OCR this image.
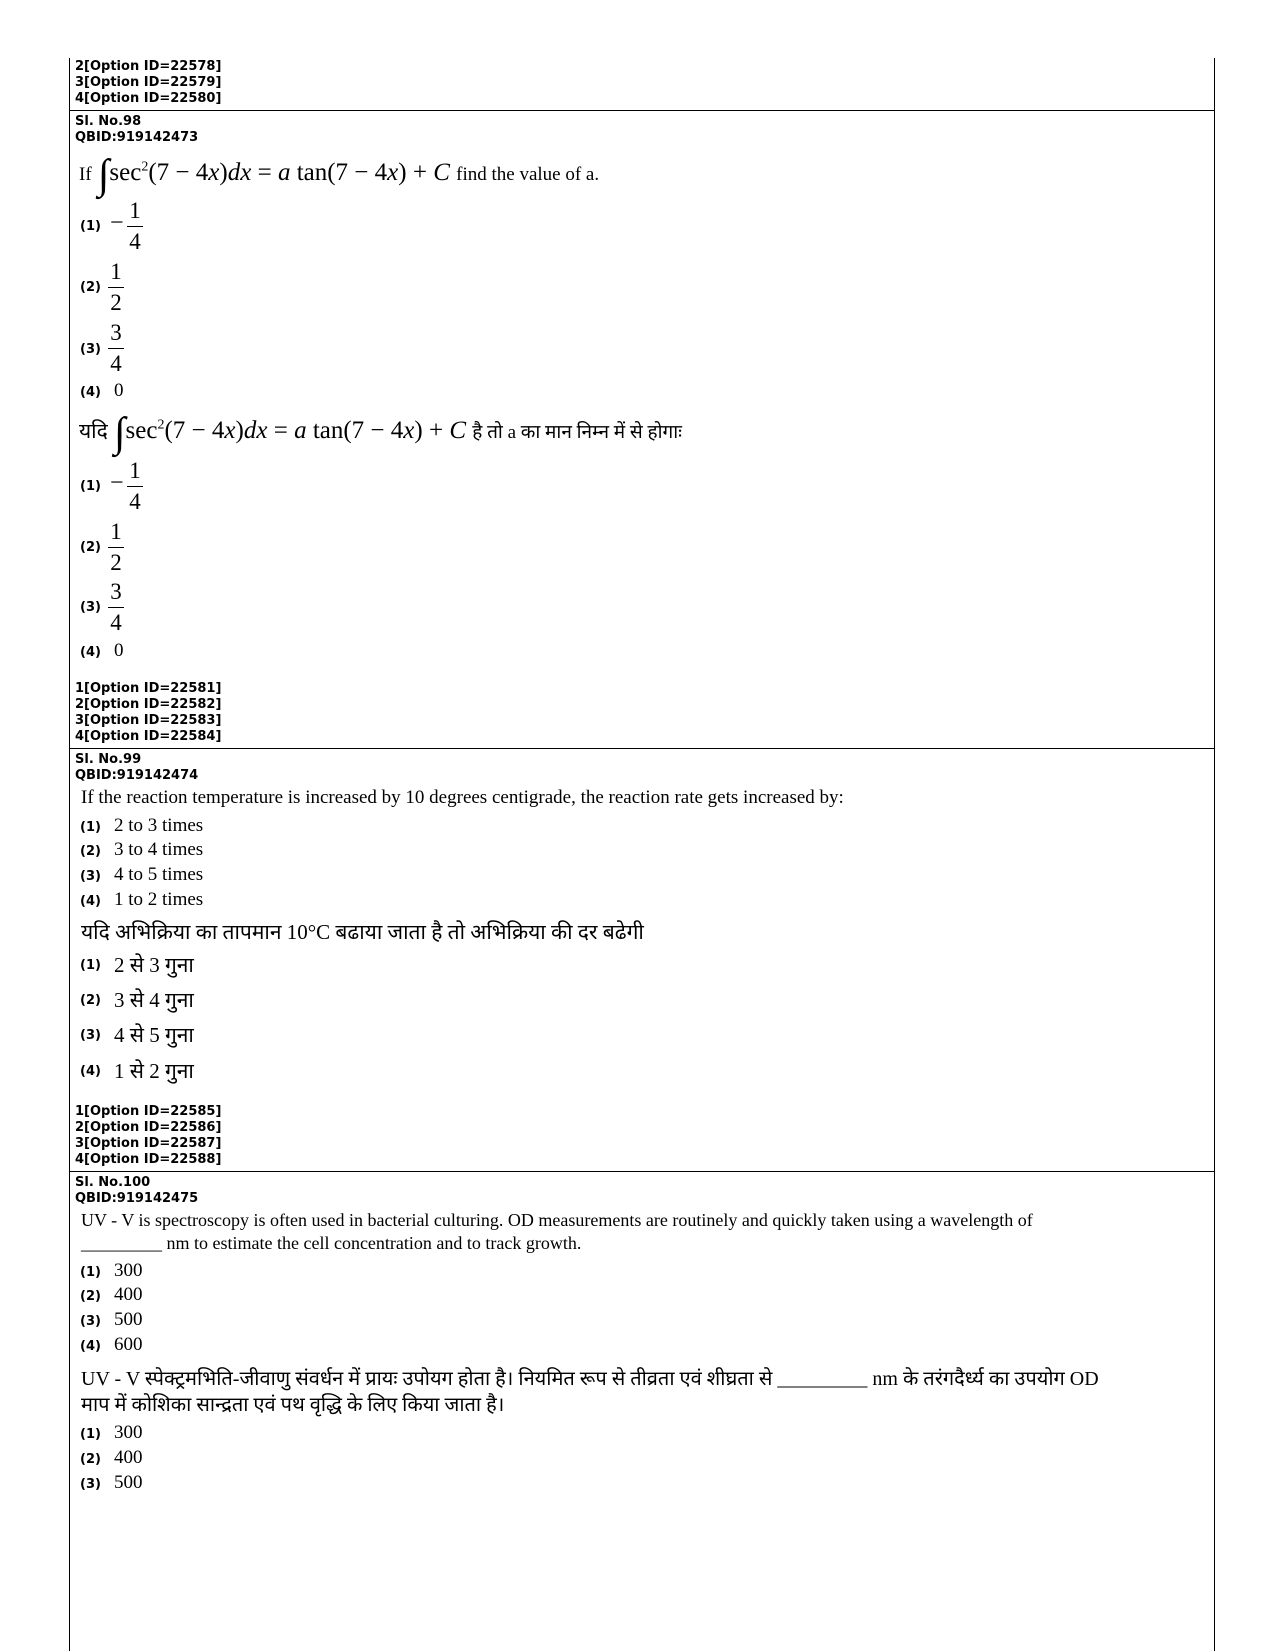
2[Option ID=22578]
3[Option ID=22579]
4[Option ID=22580]
Sl. No.98
QBID:919142473
If $\int\sec^2(7 - 4x)dx = a$ tan(7 − 4x) + C find the value of a.
(1) − 1
4
(2)
1
2
(3)
3
4
(4) 0
यदि $\int\sec^2(7 - 4x)dx = a$ tan(7 − 4x) + C है तो a का मान निम्न में से होगाः
(1) − 1
4
(2)
1
2
(3)
3
4
(4) 0
1[Option ID=22581]
2[Option ID=22582]
3[Option ID=22583]
4[Option ID=22584]
Sl. No.99
QBID:919142474
If the reaction temperature is increased by 10 degrees centigrade, the reaction rate gets increased by:
(1) 2 to 3 times
(2) 3 to 4 times
(3) 4 to 5 times
(4) 1 to 2 times
यदि अभिक्रिया का तापमान 10°C बढाया जाता है तो अभिक्रिया की दर बढेगी
(1) 2 से 3 गुना
(2) 3 से 4 गुना
(3) 4 से 5 गुना
(4) 1 से 2 गुना
1[Option ID=22585]
2[Option ID=22586]
3[Option ID=22587]
4[Option ID=22588]
Sl. No.100
QBID:919142475
UV - V is spectroscopy is often used in bacterial culturing. OD measurements are routinely and quickly taken using a wavelength of
_________ nm to estimate the cell concentration and to track growth.
(1) 300
(2) 400
(3) 500
(4) 600
UV - V स्पेक्ट्रमभिति-जीवाणु संवर्धन में प्रायः उपोयग होता है। नियमित रूप से तीव्रता एवं शीघ्रता से _________ nm के तरंगदैर्ध्य का उपयोग OD
माप में कोशिका सान्द्रता एवं पथ वृद्धि के लिए किया जाता है।
(1) 300
(2) 400
(3) 500
